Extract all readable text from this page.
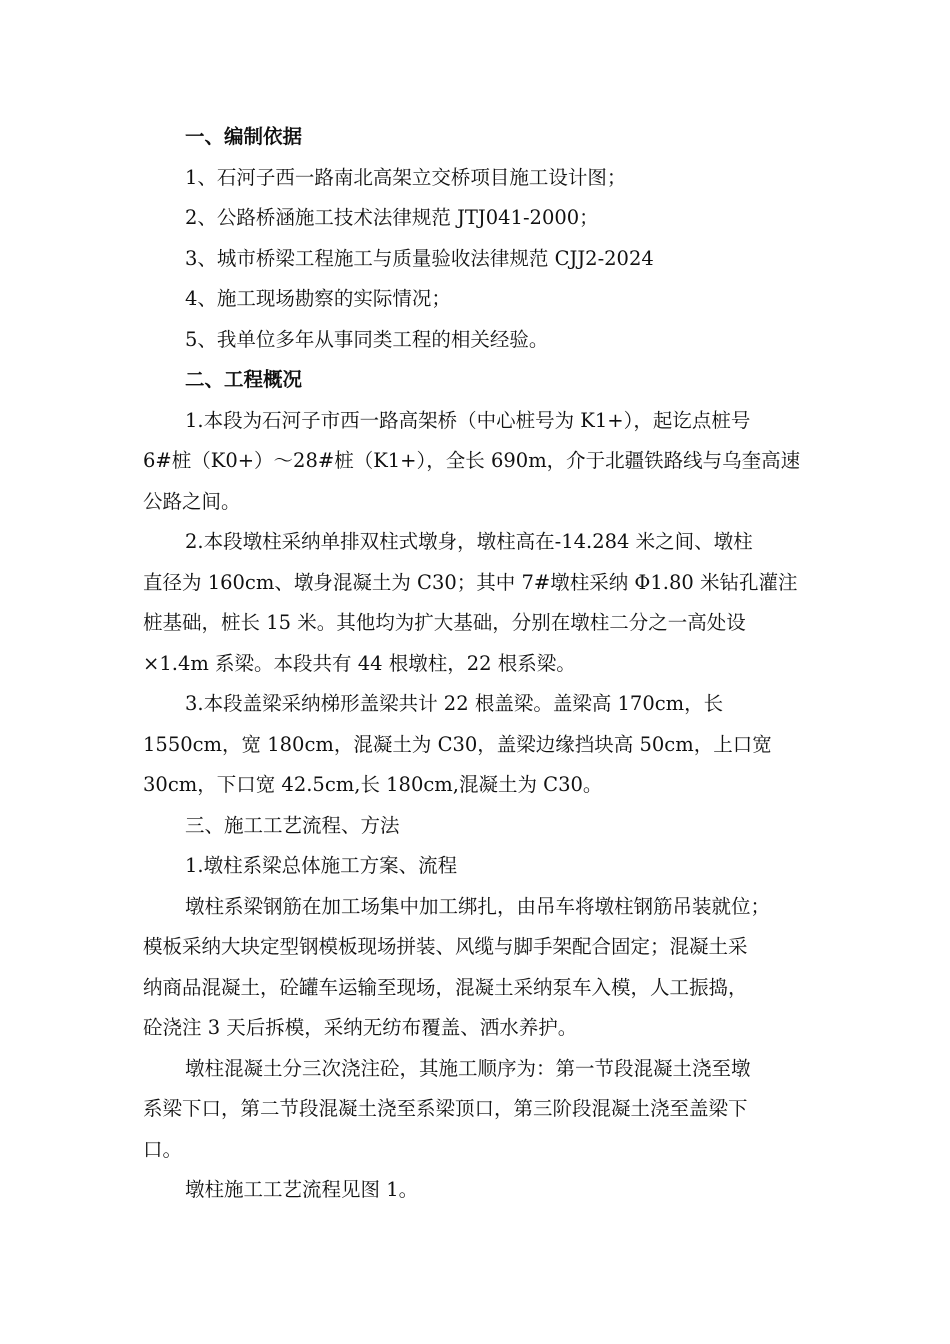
一、编制依据

1、石河子西一路南北高架立交桥项目施工设计图；

2、公路桥涵施工技术法律规范 JTJ041-2000；

3、城市桥梁工程施工与质量验收法律规范 CJJ2-2024

4、施工现场勘察的实际情况；

5、我单位多年从事同类工程的相关经验。

二、工程概况

1.本段为石河子市西一路高架桥（中心桩号为 K1+），起讫点桩号

6#桩（K0+）～28#桩（K1+），全长 690m，介于北疆铁路线与乌奎高速

公路之间。

2.本段墩柱采纳单排双柱式墩身，墩柱高在-14.284 米之间、墩柱

直径为 160cm、墩身混凝土为 C30；其中 7#墩柱采纳 Φ1.80 米钻孔灌注

桩基础，桩长 15 米。其他均为扩大基础，分别在墩柱二分之一高处设

×1.4m 系梁。本段共有 44 根墩柱，22 根系梁。

3.本段盖梁采纳梯形盖梁共计 22 根盖梁。盖梁高 170cm，长

1550cm，宽 180cm，混凝土为 C30，盖梁边缘挡块高 50cm，上口宽

30cm，下口宽 42.5cm,长 180cm,混凝土为 C30。

三、施工工艺流程、方法

1.墩柱系梁总体施工方案、流程

墩柱系梁钢筋在加工场集中加工绑扎，由吊车将墩柱钢筋吊装就位；

模板采纳大块定型钢模板现场拼装、风缆与脚手架配合固定；混凝土采

纳商品混凝土，砼罐车运输至现场，混凝土采纳泵车入模，人工振捣，

砼浇注 3 天后拆模，采纳无纺布覆盖、洒水养护。

墩柱混凝土分三次浇注砼，其施工顺序为：第一节段混凝土浇至墩

系梁下口，第二节段混凝土浇至系梁顶口，第三阶段混凝土浇至盖梁下

口。

墩柱施工工艺流程见图 1。
